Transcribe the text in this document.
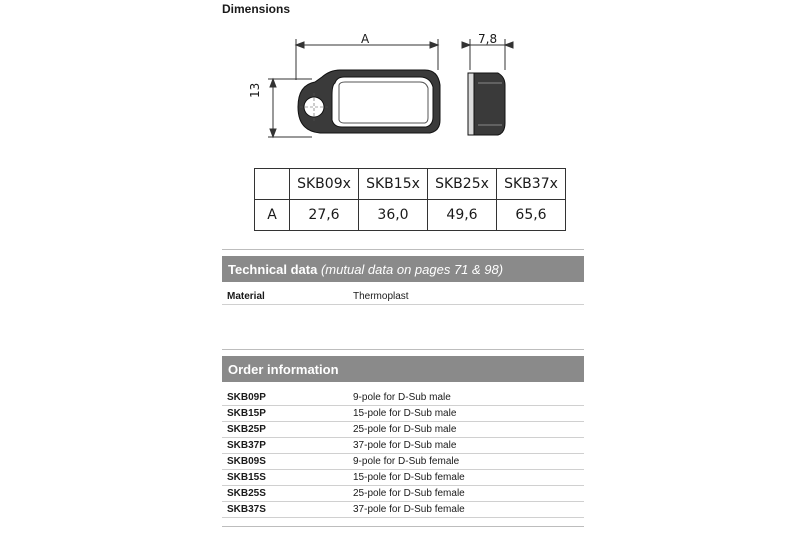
Dimensions
A	7,8
13
	SKB09x	SKB15x	SKB25x	SKB37x
A	27,6	36,0	49,6	65,6
Technical data (mutual data on pages 71 & 98)
Material	Thermoplast
Order information
SKB09P	9-pole for D-Sub male
SKB15P	15-pole for D-Sub male
SKB25P	25-pole for D-Sub male
SKB37P	37-pole for D-Sub male
SKB09S	9-pole for D-Sub female
SKB15S	15-pole for D-Sub female
SKB25S	25-pole for D-Sub female
SKB37S	37-pole for D-Sub female
